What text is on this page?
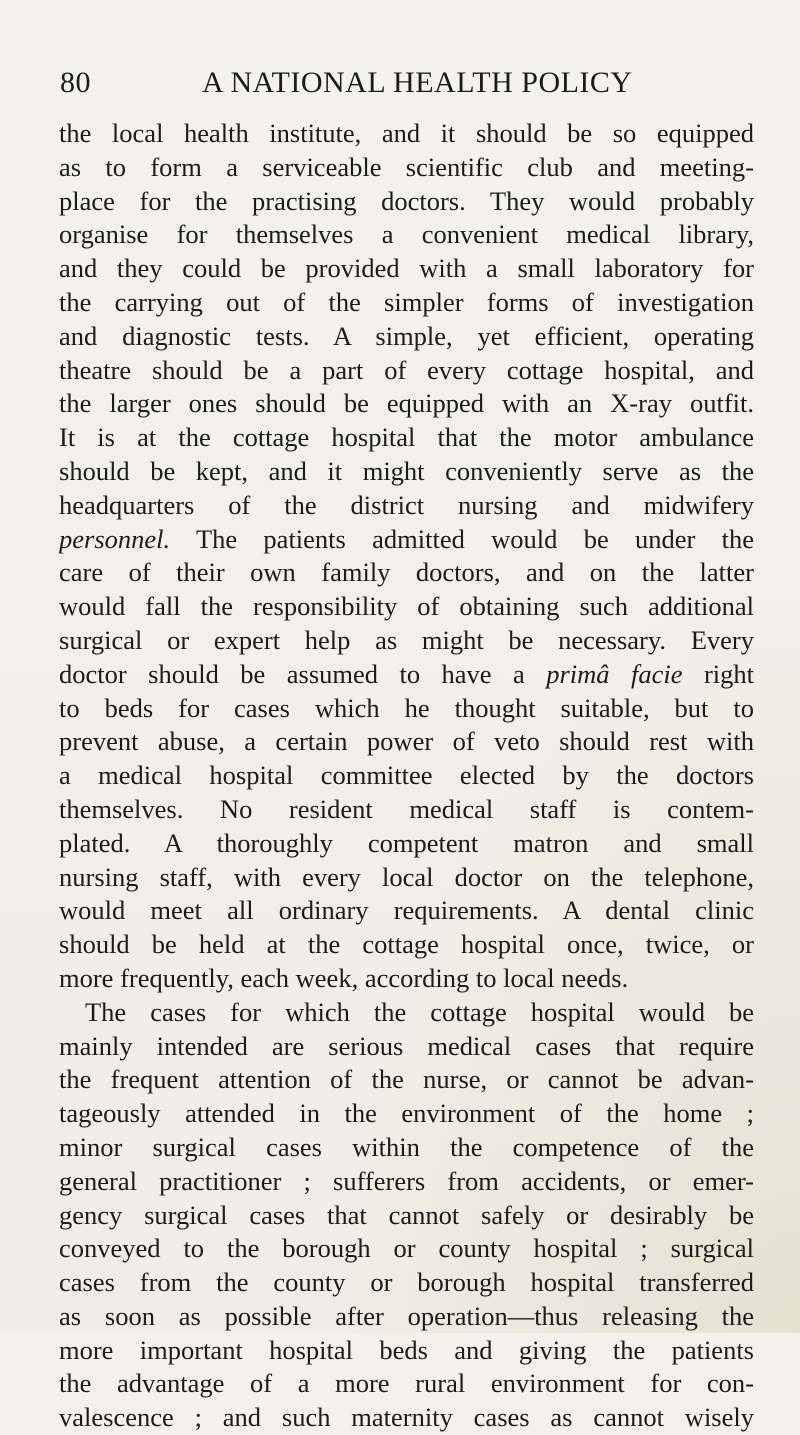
80	A NATIONAL HEALTH POLICY
the local health institute, and it should be so equipped
as to form a serviceable scientific club and meeting-
place for the practising doctors. They would probably
organise for themselves a convenient medical library,
and they could be provided with a small laboratory for
the carrying out of the simpler forms of investigation
and diagnostic tests. A simple, yet efficient, operating
theatre should be a part of every cottage hospital, and
the larger ones should be equipped with an X-ray outfit.
It is at the cottage hospital that the motor ambulance
should be kept, and it might conveniently serve as the
headquarters of the district nursing and midwifery
personnel. The patients admitted would be under the
care of their own family doctors, and on the latter
would fall the responsibility of obtaining such additional
surgical or expert help as might be necessary. Every
doctor should be assumed to have a primâ facie right
to beds for cases which he thought suitable, but to
prevent abuse, a certain power of veto should rest with
a medical hospital committee elected by the doctors
themselves. No resident medical staff is contem-
plated. A thoroughly competent matron and small
nursing staff, with every local doctor on the telephone,
would meet all ordinary requirements. A dental clinic
should be held at the cottage hospital once, twice, or
more frequently, each week, according to local needs.
The cases for which the cottage hospital would be
mainly intended are serious medical cases that require
the frequent attention of the nurse, or cannot be advan-
tageously attended in the environment of the home ;
minor surgical cases within the competence of the
general practitioner ; sufferers from accidents, or emer-
gency surgical cases that cannot safely or desirably be
conveyed to the borough or county hospital ; surgical
cases from the county or borough hospital transferred
as soon as possible after operation—thus releasing the
more important hospital beds and giving the patients
the advantage of a more rural environment for con-
valescence ; and such maternity cases as cannot wisely
